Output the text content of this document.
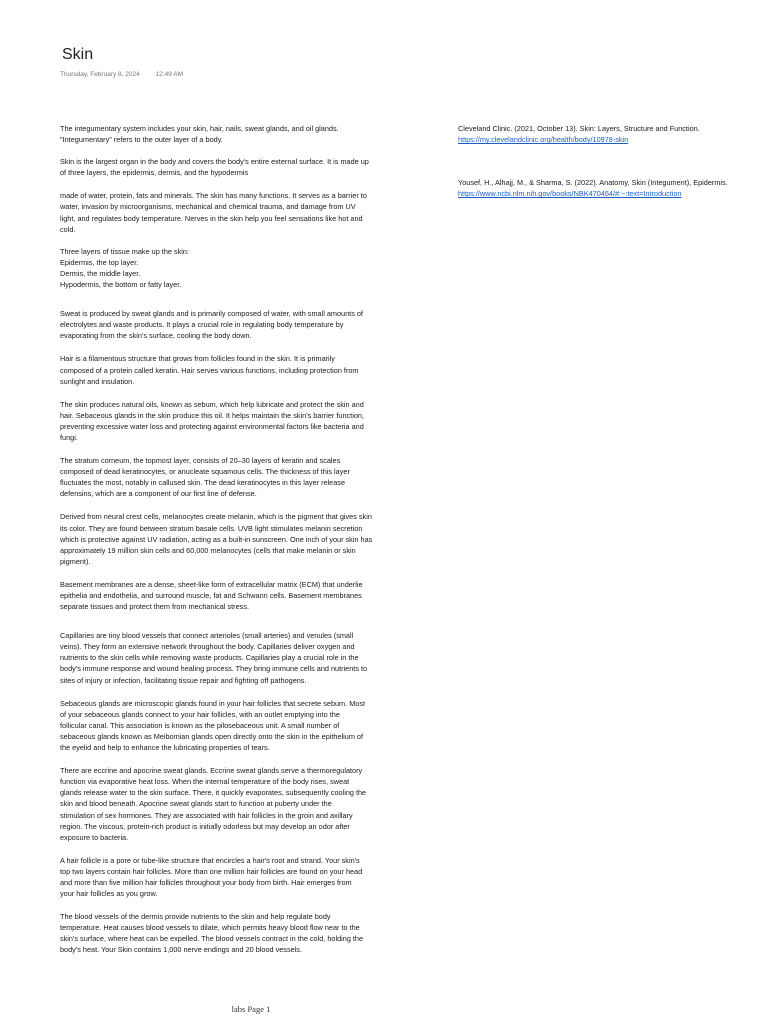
Skin
Thursday, February 8, 2024 12:49 AM

The integumentary system includes your skin, hair, nails, sweat glands, and oil glands.
"Integumentary" refers to the outer layer of a body.

Skin is the largest organ in the body and covers the body's entire external surface. It is made up
of three layers, the epidermis, dermis, and the hypodermis

made of water, protein, fats and minerals. The skin has many functions. It serves as a barrier to
water, invasion by microorganisms, mechanical and chemical trauma, and damage from UV
light, and regulates body temperature. Nerves in the skin help you feel sensations like hot and
cold.

Three layers of tissue make up the skin:
Epidermis, the top layer.
Dermis, the middle layer.
Hypodermis, the bottom or fatty layer.

Sweat is produced by sweat glands and is primarily composed of water, with small amounts of
electrolytes and waste products. It plays a crucial role in regulating body temperature by
evaporating from the skin's surface, cooling the body down.

Hair is a filamentous structure that grows from follicles found in the skin. It is primarily
composed of a protein called keratin. Hair serves various functions, including protection from
sunlight and insulation.

The skin produces natural oils, known as sebum, which help lubricate and protect the skin and
hair. Sebaceous glands in the skin produce this oil. It helps maintain the skin's barrier function,
preventing excessive water loss and protecting against environmental factors like bacteria and
fungi.

The stratum corneum, the topmost layer, consists of 20–30 layers of keratin and scales
composed of dead keratinocytes, or anucleate squamous cells. The thickness of this layer
fluctuates the most, notably in callused skin. The dead keratinocytes in this layer release
defensins, which are a component of our first line of defense.

Derived from neural crest cells, melanocytes create melanin, which is the pigment that gives skin
its color. They are found between stratum basale cells. UVB light stimulates melanin secretion
which is protective against UV radiation, acting as a built-in sunscreen. One inch of your skin has
approximately 19 million skin cells and 60,000 melanocytes (cells that make melanin or skin
pigment).

Basement membranes are a dense, sheet-like form of extracellular matrix (ECM) that underlie
epithelia and endothelia, and surround muscle, fat and Schwann cells. Basement membranes
separate tissues and protect them from mechanical stress.

Capillaries are tiny blood vessels that connect arterioles (small arteries) and venules (small
veins). They form an extensive network throughout the body. Capillaries deliver oxygen and
nutrients to the skin cells while removing waste products. Capillaries play a crucial role in the
body's immune response and wound healing process. They bring immune cells and nutrients to
sites of injury or infection, facilitating tissue repair and fighting off pathogens.

Sebaceous glands are microscopic glands found in your hair follicles that secrete sebum. Most
of your sebaceous glands connect to your hair follicles, with an outlet emptying into the
follicular canal. This association is known as the pilosebaceous unit. A small number of
sebaceous glands known as Meibomian glands open directly onto the skin in the epithelium of
the eyelid and help to enhance the lubricating properties of tears.

There are eccrine and apocrine sweat glands. Eccrine sweat glands serve a thermoregulatory
function via evaporative heat loss. When the internal temperature of the body rises, sweat
glands release water to the skin surface. There, it quickly evaporates, subsequently cooling the
skin and blood beneath. Apocrine sweat glands start to function at puberty under the
stimulation of sex hormones. They are associated with hair follicles in the groin and axillary
region. The viscous, protein-rich product is initially odorless but may develop an odor after
exposure to bacteria.

A hair follicle is a pore or tube-like structure that encircles a hair's root and strand. Your skin's
top two layers contain hair follicles. More than one million hair follicles are found on your head
and more than five million hair follicles throughout your body from birth. Hair emerges from
your hair follicles as you grow.

The blood vessels of the dermis provide nutrients to the skin and help regulate body
temperature. Heat causes blood vessels to dilate, which permits heavy blood flow near to the
skin's surface, where heat can be expelled. The blood vessels contract in the cold, holding the
body's heat. Your Skin contains 1,000 nerve endings and 20 blood vessels.

Cleveland Clinic. (2021, October 13). Skin: Layers, Structure and Function.

https://my.clevelandclinic.org/health/body/10978-skin

Yousef, H., Alhajj, M., & Sharma, S. (2022). Anatomy, Skin (Integument), Epidermis.

https://www.ncbi.nlm.nih.gov/books/NBK470464/#:~:text=Introduction

labs Page 1
